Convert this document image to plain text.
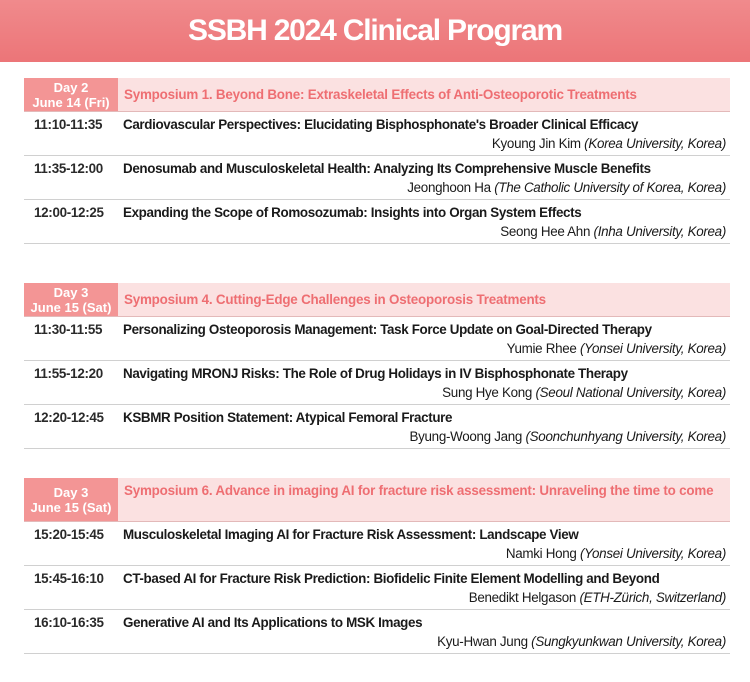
SSBH 2024 Clinical Program
Day 2
June 14 (Fri)	Symposium 1. Beyond Bone: Extraskeletal Effects of Anti-Osteoporotic Treatments
11:10-11:35 Cardiovascular Perspectives: Elucidating Bisphosphonate's Broader Clinical Efficacy
Kyoung Jin Kim (Korea University, Korea)
11:35-12:00 Denosumab and Musculoskeletal Health: Analyzing Its Comprehensive Muscle Benefits
Jeonghoon Ha (The Catholic University of Korea, Korea)
12:00-12:25 Expanding the Scope of Romosozumab: Insights into Organ System Effects
Seong Hee Ahn (Inha University, Korea)
Day 3
June 15 (Sat) Symposium 4. Cutting-Edge Challenges in Osteoporosis Treatments
11:30-11:55 Personalizing Osteoporosis Management: Task Force Update on Goal-Directed Therapy
Yumie Rhee (Yonsei University, Korea)
11:55-12:20 Navigating MRONJ Risks: The Role of Drug Holidays in IV Bisphosphonate Therapy
Sung Hye Kong (Seoul National University, Korea)
12:20-12:45 KSBMR Position Statement: Atypical Femoral Fracture
Byung-Woong Jang (Soonchunhyang University, Korea)
Day 3
June 15 (Sat)
Symposium 6. Advance in imaging AI for fracture risk assessment: Unraveling the time to come
15:20-15:45 Musculoskeletal Imaging AI for Fracture Risk Assessment: Landscape View
Namki Hong (Yonsei University, Korea)
15:45-16:10 CT-based AI for Fracture Risk Prediction: Biofidelic Finite Element Modelling and Beyond
Benedikt Helgason (ETH-Zürich, Switzerland)
16:10-16:35 Generative AI and Its Applications to MSK Images
Kyu-Hwan Jung (Sungkyunkwan University, Korea)
